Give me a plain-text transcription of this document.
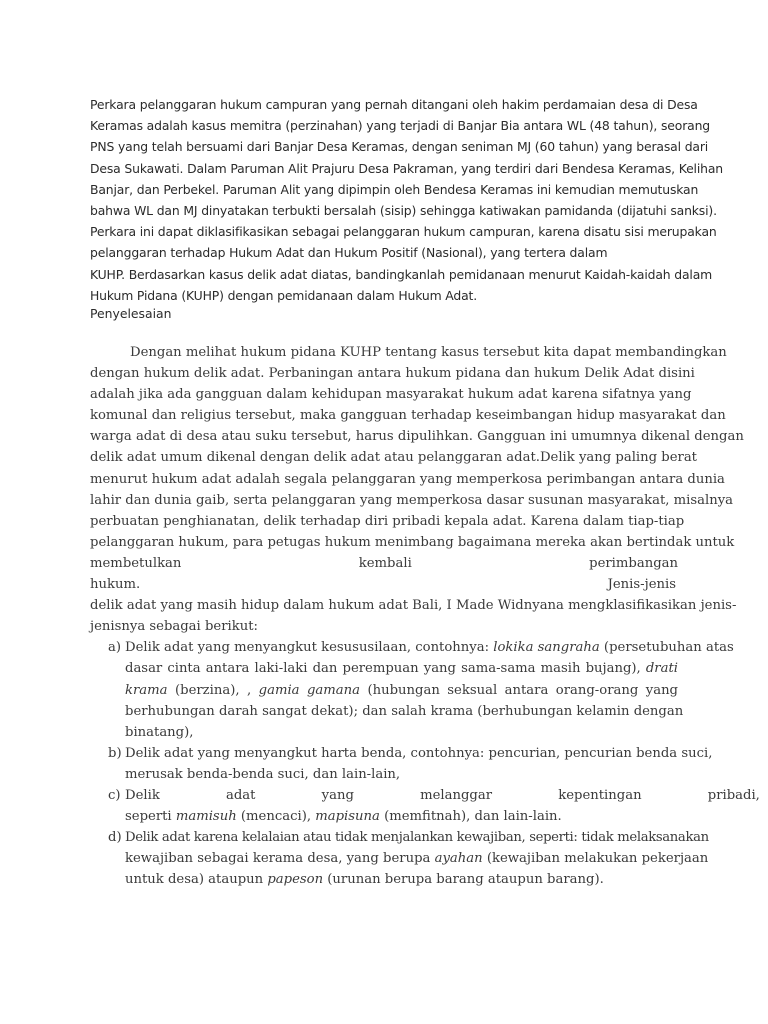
Perkara pelanggaran hukum campuran yang pernah ditangani oleh hakim perdamaian desa di Desa
Keramas adalah kasus memitra (perzinahan) yang terjadi di Banjar Bia antara WL (48 tahun), seorang
PNS yang telah bersuami dari Banjar Desa Keramas, dengan seniman MJ (60 tahun) yang berasal dari
Desa Sukawati. Dalam Paruman Alit Prajuru Desa Pakraman, yang terdiri dari Bendesa Keramas, Kelihan
Banjar, dan Perbekel. Paruman Alit yang dipimpin oleh Bendesa Keramas ini kemudian memutuskan
bahwa WL dan MJ dinyatakan terbukti bersalah (sisip) sehingga katiwakan pamidanda (dijatuhi sanksi).
Perkara ini dapat diklasifikasikan sebagai pelanggaran hukum campuran, karena disatu sisi merupakan
pelanggaran terhadap Hukum Adat dan Hukum Positif (Nasional), yang tertera dalam
KUHP. Berdasarkan kasus delik adat diatas, bandingkanlah pemidanaan menurut Kaidah-kaidah dalam
Hukum Pidana (KUHP) dengan pemidanaan dalam Hukum Adat.
Penyelesaian
Dengan melihat hukum pidana KUHP tentang kasus tersebut kita dapat membandingkan
dengan hukum delik adat. Perbaningan antara hukum pidana dan hukum Delik Adat disini
adalah jika ada gangguan dalam kehidupan masyarakat hukum adat karena sifatnya yang
komunal dan religius tersebut, maka gangguan terhadap keseimbangan hidup masyarakat dan
warga adat di desa atau suku tersebut, harus dipulihkan. Gangguan ini umumnya dikenal dengan
delik adat umum dikenal dengan delik adat atau pelanggaran adat.Delik yang paling berat
menurut hukum adat adalah segala pelanggaran yang memperkosa perimbangan antara dunia
lahir dan dunia gaib, serta pelanggaran yang memperkosa dasar susunan masyarakat, misalnya
perbuatan penghianatan, delik terhadap diri pribadi kepala adat. Karena dalam tiap-tiap
pelanggaran hukum, para petugas hukum menimbang bagaimana mereka akan bertindak untuk
membetulkan kembali perimbangan
hukum.	Jenis-jenis
delik adat yang masih hidup dalam hukum adat Bali, I Made Widnyana mengklasifikasikan jenis-
jenisnya sebagai berikut:
a) Delik adat yang menyangkut kesususilaan, contohnya: lokika sangraha (persetubuhan atas
dasar cinta antara laki-laki dan perempuan yang sama-sama masih bujang), drati
krama (berzina), , gamia gamana (hubungan seksual antara orang-orang yang
berhubungan darah sangat dekat); dan salah krama (berhubungan kelamin dengan
binatang),
b) Delik adat yang menyangkut harta benda, contohnya: pencurian, pencurian benda suci,
merusak benda-benda suci, dan lain-lain,
c) Delik adat yang melanggar kepentingan pribadi,
seperti mamisuh (mencaci), mapisuna (memfitnah), dan lain-lain.
d) Delik adat karena kelalaian atau tidak menjalankan kewajiban, seperti: tidak melaksanakan
kewajiban sebagai kerama desa, yang berupa ayahan (kewajiban melakukan pekerjaan
untuk desa) ataupun papeson (urunan berupa barang ataupun barang).
